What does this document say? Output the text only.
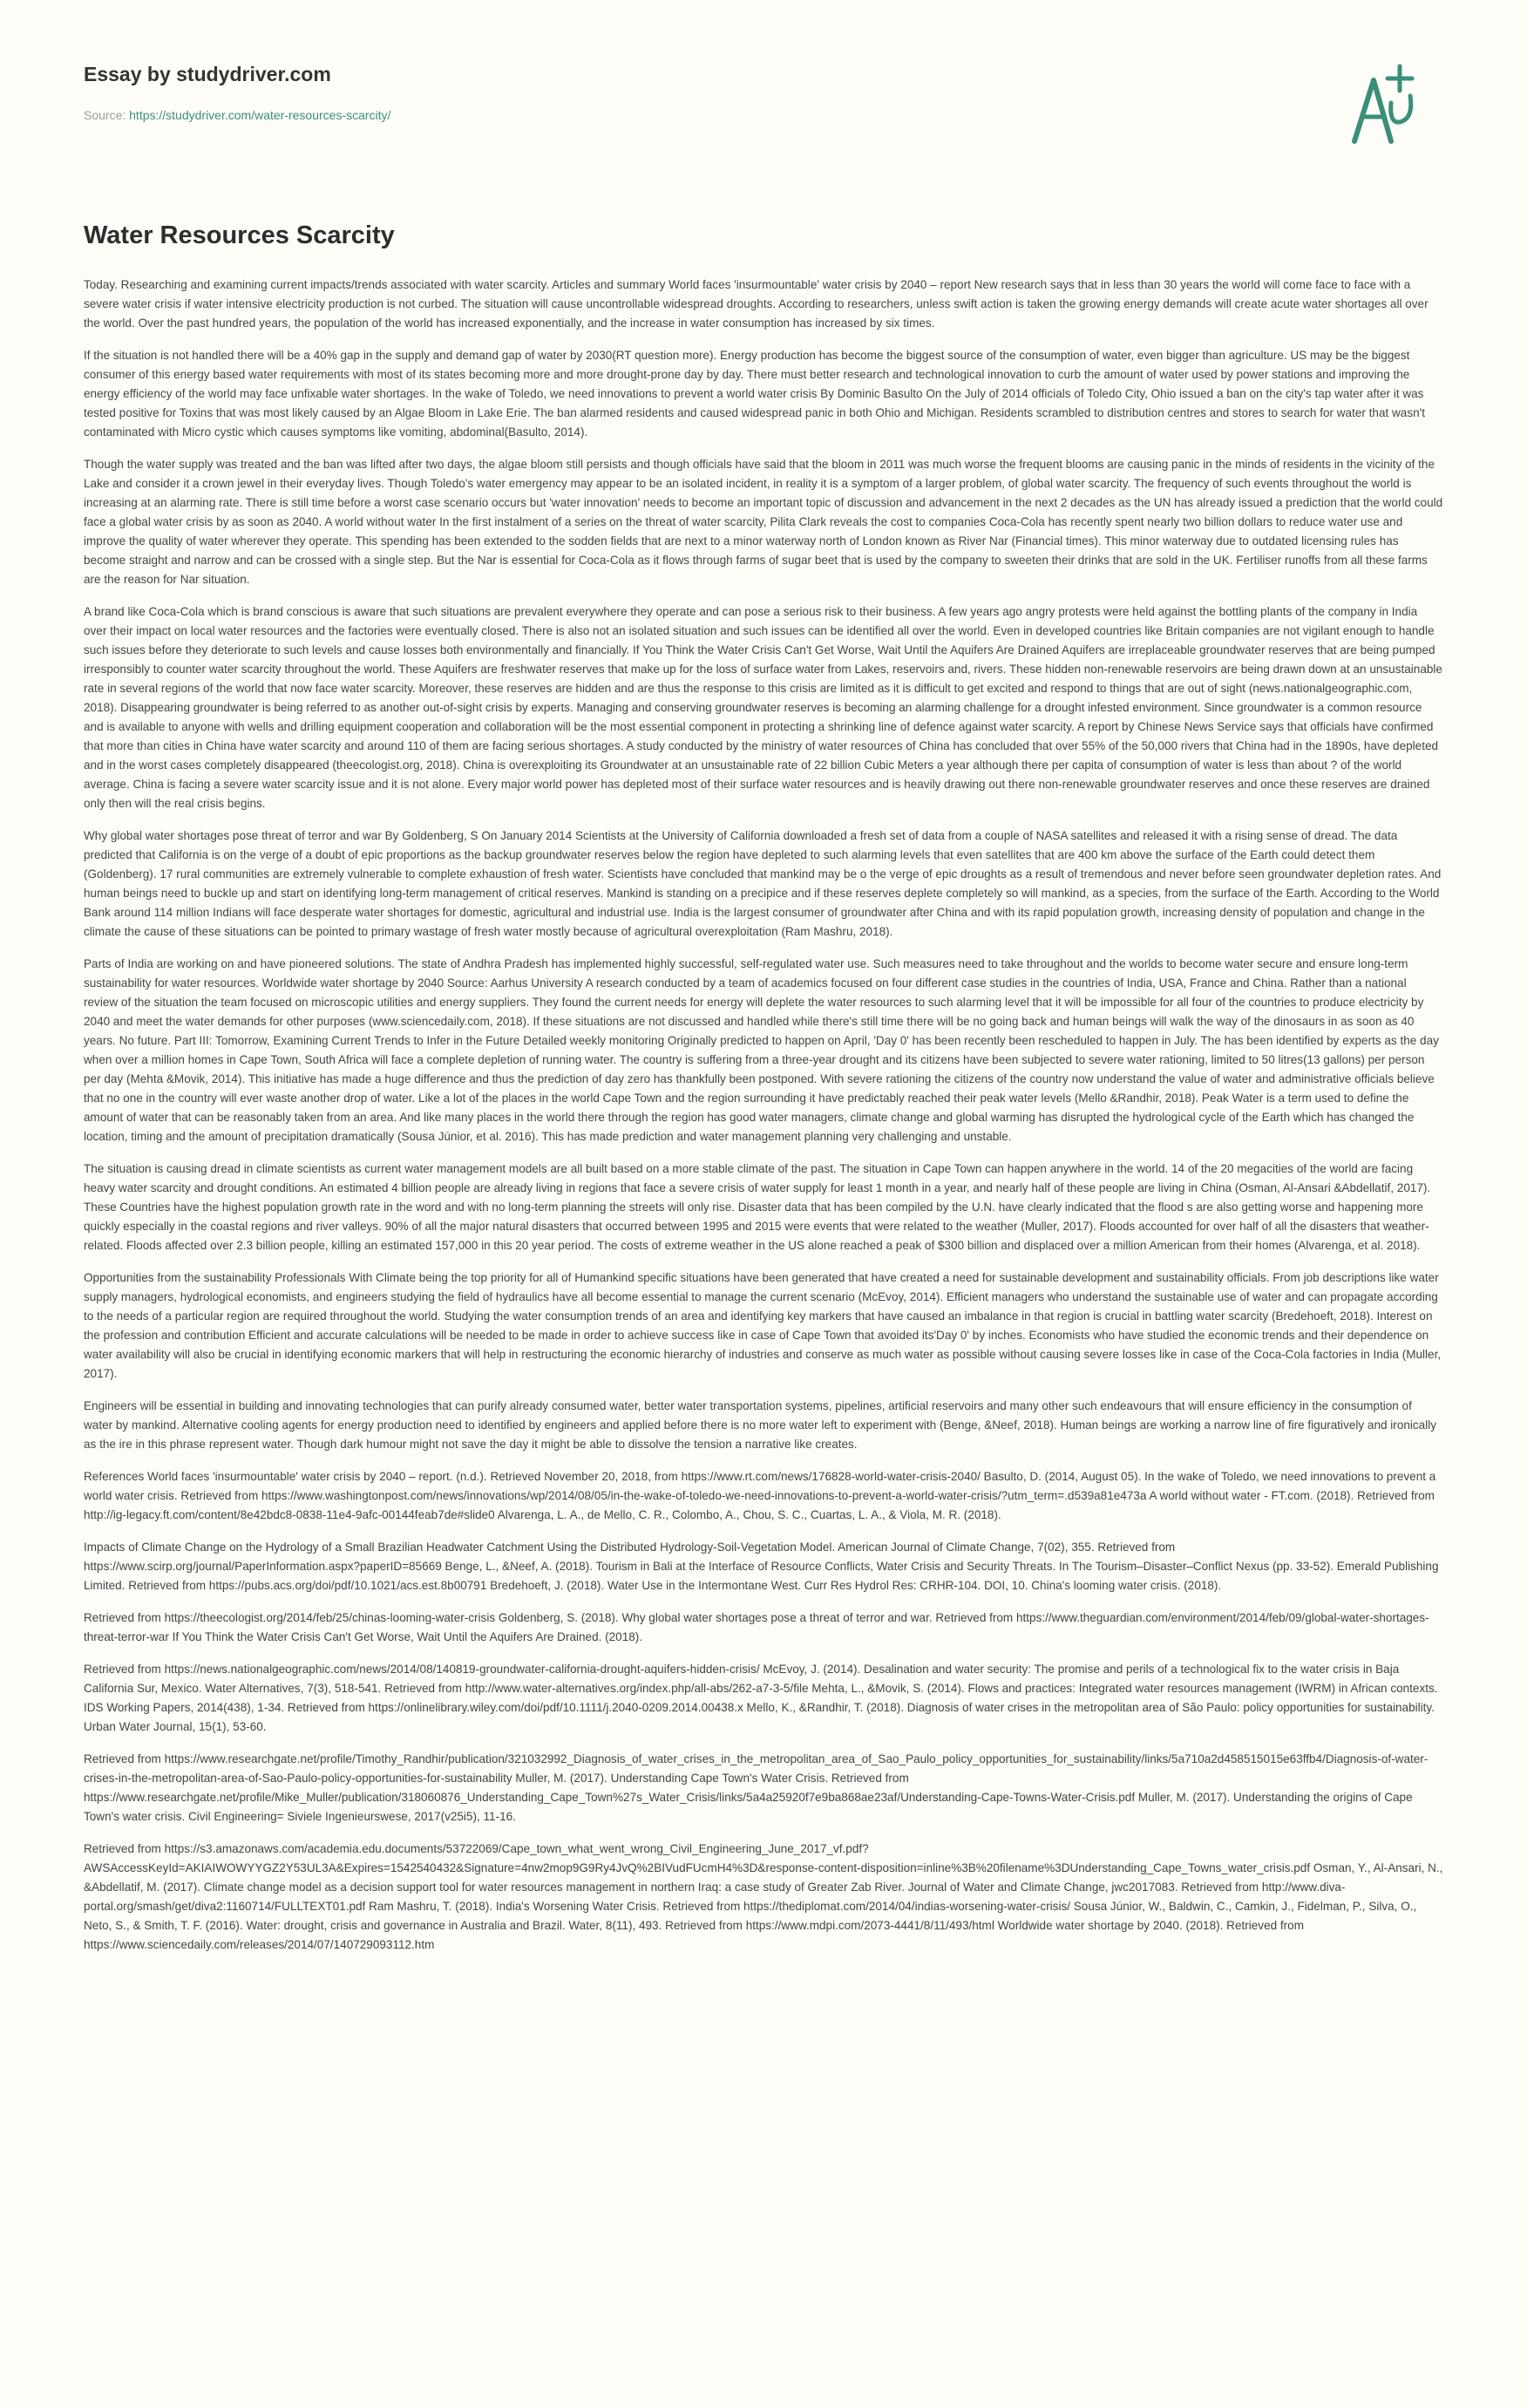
Essay by studydriver.com
Source: https://studydriver.com/water-resources-scarcity/
Water Resources Scarcity

Today. Researching and examining current impacts/trends associated with water scarcity. Articles and summary World faces 'insurmountable' water crisis by 2040 – report New research says that in less than 30 years the world will come face to face with a severe water crisis if water intensive electricity production is not curbed. The situation will cause uncontrollable widespread droughts. According to researchers, unless swift action is taken the growing energy demands will create acute water shortages all over the world. Over the past hundred years, the population of the world has increased exponentially, and the increase in water consumption has increased by six times.

If the situation is not handled there will be a 40% gap in the supply and demand gap of water by 2030(RT question more). Energy production has become the biggest source of the consumption of water, even bigger than agriculture. US may be the biggest consumer of this energy based water requirements with most of its states becoming more and more drought-prone day by day. There must better research and technological innovation to curb the amount of water used by power stations and improving the energy efficiency of the world may face unfixable water shortages. In the wake of Toledo, we need innovations to prevent a world water crisis By Dominic Basulto On the July of 2014 officials of Toledo City, Ohio issued a ban on the city's tap water after it was tested positive for Toxins that was most likely caused by an Algae Bloom in Lake Erie. The ban alarmed residents and caused widespread panic in both Ohio and Michigan. Residents scrambled to distribution centres and stores to search for water that wasn't contaminated with Micro cystic which causes symptoms like vomiting, abdominal(Basulto, 2014).

Though the water supply was treated and the ban was lifted after two days, the algae bloom still persists and though officials have said that the bloom in 2011 was much worse the frequent blooms are causing panic in the minds of residents in the vicinity of the Lake and consider it a crown jewel in their everyday lives. Though Toledo's water emergency may appear to be an isolated incident, in reality it is a symptom of a larger problem, of global water scarcity. The frequency of such events throughout the world is increasing at an alarming rate. There is still time before a worst case scenario occurs but 'water innovation' needs to become an important topic of discussion and advancement in the next 2 decades as the UN has already issued a prediction that the world could face a global water crisis by as soon as 2040. A world without water In the first instalment of a series on the threat of water scarcity, Pilita Clark reveals the cost to companies Coca-Cola has recently spent nearly two billion dollars to reduce water use and improve the quality of water wherever they operate. This spending has been extended to the sodden fields that are next to a minor waterway north of London known as River Nar (Financial times). This minor waterway due to outdated licensing rules has become straight and narrow and can be crossed with a single step. But the Nar is essential for Coca-Cola as it flows through farms of sugar beet that is used by the company to sweeten their drinks that are sold in the UK. Fertiliser runoffs from all these farms are the reason for Nar situation.

A brand like Coca-Cola which is brand conscious is aware that such situations are prevalent everywhere they operate and can pose a serious risk to their business. A few years ago angry protests were held against the bottling plants of the company in India over their impact on local water resources and the factories were eventually closed. There is also not an isolated situation and such issues can be identified all over the world. Even in developed countries like Britain companies are not vigilant enough to handle such issues before they deteriorate to such levels and cause losses both environmentally and financially. If You Think the Water Crisis Can't Get Worse, Wait Until the Aquifers Are Drained Aquifers are irreplaceable groundwater reserves that are being pumped irresponsibly to counter water scarcity throughout the world. These Aquifers are freshwater reserves that make up for the loss of surface water from Lakes, reservoirs and, rivers. These hidden non-renewable reservoirs are being drawn down at an unsustainable rate in several regions of the world that now face water scarcity. Moreover, these reserves are hidden and are thus the response to this crisis are limited as it is difficult to get excited and respond to things that are out of sight (news.nationalgeographic.com, 2018). Disappearing groundwater is being referred to as another out-of-sight crisis by experts. Managing and conserving groundwater reserves is becoming an alarming challenge for a drought infested environment. Since groundwater is a common resource and is available to anyone with wells and drilling equipment cooperation and collaboration will be the most essential component in protecting a shrinking line of defence against water scarcity. A report by Chinese News Service says that officials have confirmed that more than cities in China have water scarcity and around 110 of them are facing serious shortages. A study conducted by the ministry of water resources of China has concluded that over 55% of the 50,000 rivers that China had in the 1890s, have depleted and in the worst cases completely disappeared (theecologist.org, 2018). China is overexploiting its Groundwater at an unsustainable rate of 22 billion Cubic Meters a year although there per capita of consumption of water is less than about ? of the world average. China is facing a severe water scarcity issue and it is not alone. Every major world power has depleted most of their surface water resources and is heavily drawing out there non-renewable groundwater reserves and once these reserves are drained only then will the real crisis begins.

Why global water shortages pose threat of terror and war By Goldenberg, S On January 2014 Scientists at the University of California downloaded a fresh set of data from a couple of NASA satellites and released it with a rising sense of dread. The data predicted that California is on the verge of a doubt of epic proportions as the backup groundwater reserves below the region have depleted to such alarming levels that even satellites that are 400 km above the surface of the Earth could detect them (Goldenberg). 17 rural communities are extremely vulnerable to complete exhaustion of fresh water. Scientists have concluded that mankind may be o the verge of epic droughts as a result of tremendous and never before seen groundwater depletion rates. And human beings need to buckle up and start on identifying long-term management of critical reserves. Mankind is standing on a precipice and if these reserves deplete completely so will mankind, as a species, from the surface of the Earth. According to the World Bank around 114 million Indians will face desperate water shortages for domestic, agricultural and industrial use. India is the largest consumer of groundwater after China and with its rapid population growth, increasing density of population and change in the climate the cause of these situations can be pointed to primary wastage of fresh water mostly because of agricultural overexploitation (Ram Mashru, 2018).

Parts of India are working on and have pioneered solutions. The state of Andhra Pradesh has implemented highly successful, self-regulated water use. Such measures need to take throughout and the worlds to become water secure and ensure long-term sustainability for water resources. Worldwide water shortage by 2040 Source: Aarhus University A research conducted by a team of academics focused on four different case studies in the countries of India, USA, France and China. Rather than a national review of the situation the team focused on microscopic utilities and energy suppliers. They found the current needs for energy will deplete the water resources to such alarming level that it will be impossible for all four of the countries to produce electricity by 2040 and meet the water demands for other purposes (www.sciencedaily.com, 2018). If these situations are not discussed and handled while there's still time there will be no going back and human beings will walk the way of the dinosaurs in as soon as 40 years. No future. Part III: Tomorrow, Examining Current Trends to Infer in the Future Detailed weekly monitoring Originally predicted to happen on April, 'Day 0' has been recently been rescheduled to happen in July. The has been identified by experts as the day when over a million homes in Cape Town, South Africa will face a complete depletion of running water. The country is suffering from a three-year drought and its citizens have been subjected to severe water rationing, limited to 50 litres(13 gallons) per person per day (Mehta &Movik, 2014). This initiative has made a huge difference and thus the prediction of day zero has thankfully been postponed. With severe rationing the citizens of the country now understand the value of water and administrative officials believe that no one in the country will ever waste another drop of water. Like a lot of the places in the world Cape Town and the region surrounding it have predictably reached their peak water levels (Mello &Randhir, 2018). Peak Water is a term used to define the amount of water that can be reasonably taken from an area. And like many places in the world there through the region has good water managers, climate change and global warming has disrupted the hydrological cycle of the Earth which has changed the location, timing and the amount of precipitation dramatically (Sousa Júnior, et al. 2016). This has made prediction and water management planning very challenging and unstable.

The situation is causing dread in climate scientists as current water management models are all built based on a more stable climate of the past. The situation in Cape Town can happen anywhere in the world. 14 of the 20 megacities of the world are facing heavy water scarcity and drought conditions. An estimated 4 billion people are already living in regions that face a severe crisis of water supply for least 1 month in a year, and nearly half of these people are living in China (Osman, Al-Ansari &Abdellatif, 2017). These Countries have the highest population growth rate in the word and with no long-term planning the streets will only rise. Disaster data that has been compiled by the U.N. have clearly indicated that the flood s are also getting worse and happening more quickly especially in the coastal regions and river valleys. 90% of all the major natural disasters that occurred between 1995 and 2015 were events that were related to the weather (Muller, 2017). Floods accounted for over half of all the disasters that weather-related. Floods affected over 2.3 billion people, killing an estimated 157,000 in this 20 year period. The costs of extreme weather in the US alone reached a peak of $300 billion and displaced over a million American from their homes (Alvarenga, et al. 2018).

Opportunities from the sustainability Professionals With Climate being the top priority for all of Humankind specific situations have been generated that have created a need for sustainable development and sustainability officials. From job descriptions like water supply managers, hydrological economists, and engineers studying the field of hydraulics have all become essential to manage the current scenario (McEvoy, 2014). Efficient managers who understand the sustainable use of water and can propagate according to the needs of a particular region are required throughout the world. Studying the water consumption trends of an area and identifying key markers that have caused an imbalance in that region is crucial in battling water scarcity (Bredehoeft, 2018). Interest on the profession and contribution Efficient and accurate calculations will be needed to be made in order to achieve success like in case of Cape Town that avoided its'Day 0' by inches. Economists who have studied the economic trends and their dependence on water availability will also be crucial in identifying economic markers that will help in restructuring the economic hierarchy of industries and conserve as much water as possible without causing severe losses like in case of the Coca-Cola factories in India (Muller, 2017).

Engineers will be essential in building and innovating technologies that can purify already consumed water, better water transportation systems, pipelines, artificial reservoirs and many other such endeavours that will ensure efficiency in the consumption of water by mankind. Alternative cooling agents for energy production need to identified by engineers and applied before there is no more water left to experiment with (Benge, &Neef, 2018). Human beings are working a narrow line of fire figuratively and ironically as the ire in this phrase represent water. Though dark humour might not save the day it might be able to dissolve the tension a narrative like creates.

References World faces 'insurmountable' water crisis by 2040 – report. (n.d.). Retrieved November 20, 2018, from https://www.rt.com/news/176828-world-water-crisis-2040/ Basulto, D. (2014, August 05). In the wake of Toledo, we need innovations to prevent a world water crisis. Retrieved from https://www.washingtonpost.com/news/innovations/wp/2014/08/05/in-the-wake-of-toledo-we-need-innovations-to-prevent-a-world-water-crisis/?utm_term=.d539a81e473a A world without water - FT.com. (2018). Retrieved from http://ig-legacy.ft.com/content/8e42bdc8-0838-11e4-9afc-00144feab7de#slide0 Alvarenga, L. A., de Mello, C. R., Colombo, A., Chou, S. C., Cuartas, L. A., & Viola, M. R. (2018).

Impacts of Climate Change on the Hydrology of a Small Brazilian Headwater Catchment Using the Distributed Hydrology-Soil-Vegetation Model. American Journal of Climate Change, 7(02), 355. Retrieved from https://www.scirp.org/journal/PaperInformation.aspx?paperID=85669 Benge, L., &Neef, A. (2018). Tourism in Bali at the Interface of Resource Conflicts, Water Crisis and Security Threats. In The Tourism–Disaster–Conflict Nexus (pp. 33-52). Emerald Publishing Limited. Retrieved from https://pubs.acs.org/doi/pdf/10.1021/acs.est.8b00791 Bredehoeft, J. (2018). Water Use in the Intermontane West. Curr Res Hydrol Res: CRHR-104. DOI, 10. China's looming water crisis. (2018).

Retrieved from https://theecologist.org/2014/feb/25/chinas-looming-water-crisis Goldenberg, S. (2018). Why global water shortages pose a threat of terror and war. Retrieved from https://www.theguardian.com/environment/2014/feb/09/global-water-shortages-threat-terror-war If You Think the Water Crisis Can't Get Worse, Wait Until the Aquifers Are Drained. (2018).

Retrieved from https://news.nationalgeographic.com/news/2014/08/140819-groundwater-california-drought-aquifers-hidden-crisis/ McEvoy, J. (2014). Desalination and water security: The promise and perils of a technological fix to the water crisis in Baja California Sur, Mexico. Water Alternatives, 7(3), 518-541. Retrieved from http://www.water-alternatives.org/index.php/all-abs/262-a7-3-5/file Mehta, L., &Movik, S. (2014). Flows and practices: Integrated water resources management (IWRM) in African contexts. IDS Working Papers, 2014(438), 1-34. Retrieved from https://onlinelibrary.wiley.com/doi/pdf/10.1111/j.2040-0209.2014.00438.x Mello, K., &Randhir, T. (2018). Diagnosis of water crises in the metropolitan area of São Paulo: policy opportunities for sustainability. Urban Water Journal, 15(1), 53-60.

Retrieved from https://www.researchgate.net/profile/Timothy_Randhir/publication/321032992_Diagnosis_of_water_crises_in_the_metropolitan_area_of_Sao_Paulo_policy_opportunities_for_sustainability/links/5a710a2d458515015e63ffb4/Diagnosis-of-water-crises-in-the-metropolitan-area-of-Sao-Paulo-policy-opportunities-for-sustainability Muller, M. (2017). Understanding Cape Town's Water Crisis. Retrieved from https://www.researchgate.net/profile/Mike_Muller/publication/318060876_Understanding_Cape_Town%27s_Water_Crisis/links/5a4a25920f7e9ba868ae23af/Understanding-Cape-Towns-Water-Crisis.pdf Muller, M. (2017). Understanding the origins of Cape Town's water crisis. Civil Engineering= Siviele Ingenieurswese, 2017(v25i5), 11-16.

Retrieved from https://s3.amazonaws.com/academia.edu.documents/53722069/Cape_town_what_went_wrong_Civil_Engineering_June_2017_vf.pdf?AWSAccessKeyId=AKIAIWOWYYGZ2Y53UL3A&Expires=1542540432&Signature=4nw2mop9G9Ry4JvQ%2BIVudFUcmH4%3D&response-content-disposition=inline%3B%20filename%3DUnderstanding_Cape_Towns_water_crisis.pdf Osman, Y., Al-Ansari, N., &Abdellatif, M. (2017). Climate change model as a decision support tool for water resources management in northern Iraq: a case study of Greater Zab River. Journal of Water and Climate Change, jwc2017083. Retrieved from http://www.diva-portal.org/smash/get/diva2:1160714/FULLTEXT01.pdf Ram Mashru, T. (2018). India's Worsening Water Crisis. Retrieved from https://thediplomat.com/2014/04/indias-worsening-water-crisis/ Sousa Júnior, W., Baldwin, C., Camkin, J., Fidelman, P., Silva, O., Neto, S., & Smith, T. F. (2016). Water: drought, crisis and governance in Australia and Brazil. Water, 8(11), 493. Retrieved from https://www.mdpi.com/2073-4441/8/11/493/html Worldwide water shortage by 2040. (2018). Retrieved from https://www.sciencedaily.com/releases/2014/07/140729093112.htm
